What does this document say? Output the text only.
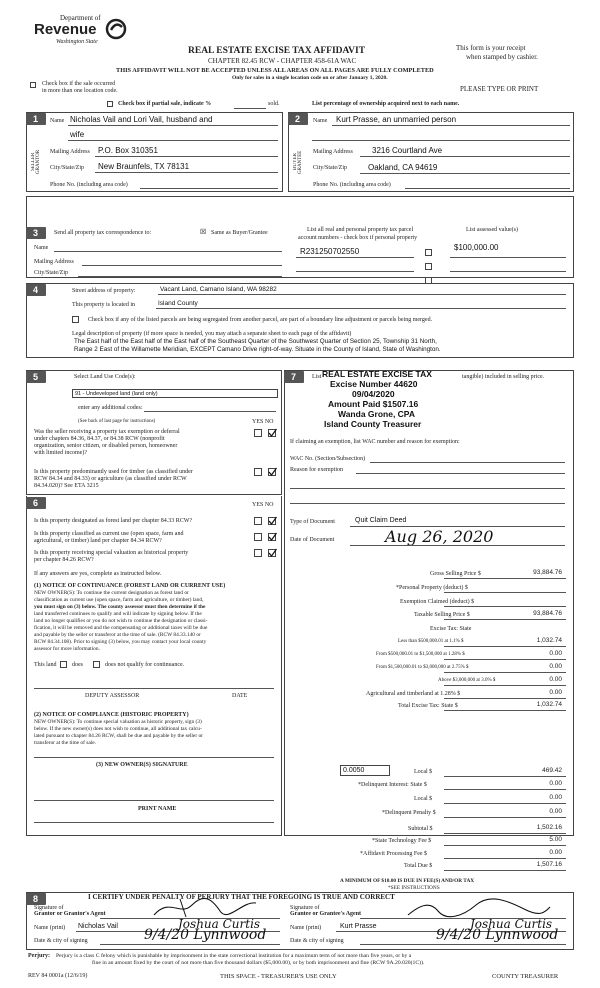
Department of
Revenue
Washington State
REAL ESTATE EXCISE TAX AFFIDAVIT
CHAPTER 82.45 RCW - CHAPTER 458-61A WAC
This form is your receipt
when stamped by cashier.
THIS AFFIDAVIT WILL NOT BE ACCEPTED UNLESS ALL AREAS ON ALL PAGES ARE FULLY COMPLETED
Only for sales in a single location code on or after January 1, 2020.
PLEASE TYPE OR PRINT
Check box if the sale occurred
in more than one location code.
Check box if partial sale, indicate %	sold.	List percentage of ownership acquired next to each name.
1	2
SELLER GRANTOR	BUYER GRANTEE
Name Nicholas Vail and Lori Vail, husband and
wife
Mailing Address P.O. Box 310351
City/State/Zip New Braunfels, TX 78131
Phone No. (including area code)
Name Kurt Prasse, an unmarried person
Mailing Address 3216 Courtland Ave
City/State/Zip	Oakland, CA 94619
Phone No. (including area code)
3	Send all property tax correspondence to:	☒ Same as Buyer/Grantee	List all real and personal property tax parcel
account numbers - check box if personal property
List assessed value(s)
Name
Mailing Address
City/State/Zip
R231250702550	$100,000.00
4	Street address of property:	Vacant Land, Camano Island, WA 98282
This property is located in	Island County
Check box if any of the listed parcels are being segregated from another parcel, are part of a boundary line adjustment or parcels being merged.
Legal description of property (if more space is needed, you may attach a separate sheet to each page of the affidavit)
The East half of the East half of the East half of the Southeast Quarter of the Southwest Quarter of Section 25, Township 31 North,
Range 2 East of the Willamette Meridian, EXCEPT Camano Drive right-of-way. Situate in the County of Island, State of Washington.
5	Select Land Use Code(s):
91 - Undeveloped land (land only)
enter any additional codes:
(See back of last page for instructions)	YES NO
Was the seller receiving a property tax exemption or deferral
under chapters 84.36, 84.37, or 84.38 RCW (nonprofit
organization, senior citizen, or disabled person, homeowner
with limited income)?
Is this property predominantly used for timber (as classified under
RCW 84.34 and 84.33) or agriculture (as classified under RCW
84.34.020)? See ETA 3215
6	YES NO
Is this property designated as forest land per chapter 84.33 RCW?
Is this property classified as current use (open space, farm and
agricultural, or timber) land per chapter 84.34 RCW?
Is this property receiving special valuation as historical property
per chapter 84.26 RCW?
If any answers are yes, complete as instructed below.
(1) NOTICE OF CONTINUANCE (FOREST LAND OR CURRENT USE)
NEW OWNER(S): To continue the current designation as forest land or
classification as current use (open space, farm and agriculture, or timber) land,
you must sign on (3) below. The county assessor must then determine if the
land transferred continues to qualify and will indicate by signing below. If the
land no longer qualifies or you do not wish to continue the designation or classi-
fication, it will be removed and the compensating or additional taxes will be due
and payable by the seller or transferor at the time of sale. (RCW 84.33.140 or
RCW 84.34.108). Prior to signing (3) below, you may contact your local county
assessor for more information.
This land	does	does not qualify for continuance.
DEPUTY ASSESSOR	DATE
(2) NOTICE OF COMPLIANCE (HISTORIC PROPERTY)
NEW OWNER(S): To continue special valuation as historic property, sign (3)
below. If the new owner(s) does not wish to continue, all additional tax calcu-
lated pursuant to chapter 84.26 RCW, shall be due and payable by the seller or
transferor at the time of sale.
(3) NEW OWNER(S) SIGNATURE
PRINT NAME
7	List	tangible) included in selling price.
REAL ESTATE EXCISE TAX
Excise Number 44620
09/04/2020
Amount Paid $1507.16
Wanda Grone, CPA
Island County Treasurer
If claiming an exemption, list WAC number and reason for exemption:
WAC No. (Section/Subsection)
Reason for exemption
Type of Document	Quit Claim Deed
Date of Document	Aug 26, 2020
Gross Selling Price $	93,884.76
*Personal Property (deduct) $
Exemption Claimed (deduct) $
Taxable Selling Price $	93,884.76
Excise Tax: State
Less than $500,000.01 at 1.1% $	1,032.74
From $500,000.01 to $1,500,000 at 1.28% $	0.00
From $1,500,000.01 to $3,000,000 at 2.75% $	0.00
Above $3,000,000 at 3.0% $	0.00
Agricultural and timberland at 1.28% $	0.00
Total Excise Tax: State $	1,032.74
0.0050	Local $	469.42
*Delinquent Interest: State $	0.00
Local $	0.00
*Delinquent Penalty $	0.00
Subtotal $	1,502.16
*State Technology Fee $	5.00
*Affidavit Processing Fee $	0.00
Total Due $	1,507.16
A MINIMUM OF $10.00 IS DUE IN FEE(S) AND/OR TAX
*SEE INSTRUCTIONS
8	I CERTIFY UNDER PENALTY OF PERJURY THAT THE FOREGOING IS TRUE AND CORRECT
Signature of
Grantor or Grantor's Agent
Name (print) Nicholas Vail	Joshua Curtis
Date & city of signing	9/4/20 Lynnwood
Signature of
Grantee or Grantee's Agent
Name (print)	Kurt Prasse	Joshua Curtis
Date & city of signing	9/4/20 Lynnwood
Perjury: Perjury is a class C felony which is punishable by imprisonment in the state correctional institution for a maximum term of not more than five years, or by a
fine in an amount fixed by the court of not more than five thousand dollars ($5,000.00), or by both imprisonment and fine (RCW 9A.20.020(1C)).
REV 84 0001a (12/6/19)	THIS SPACE - TREASURER'S USE ONLY	COUNTY TREASURER
